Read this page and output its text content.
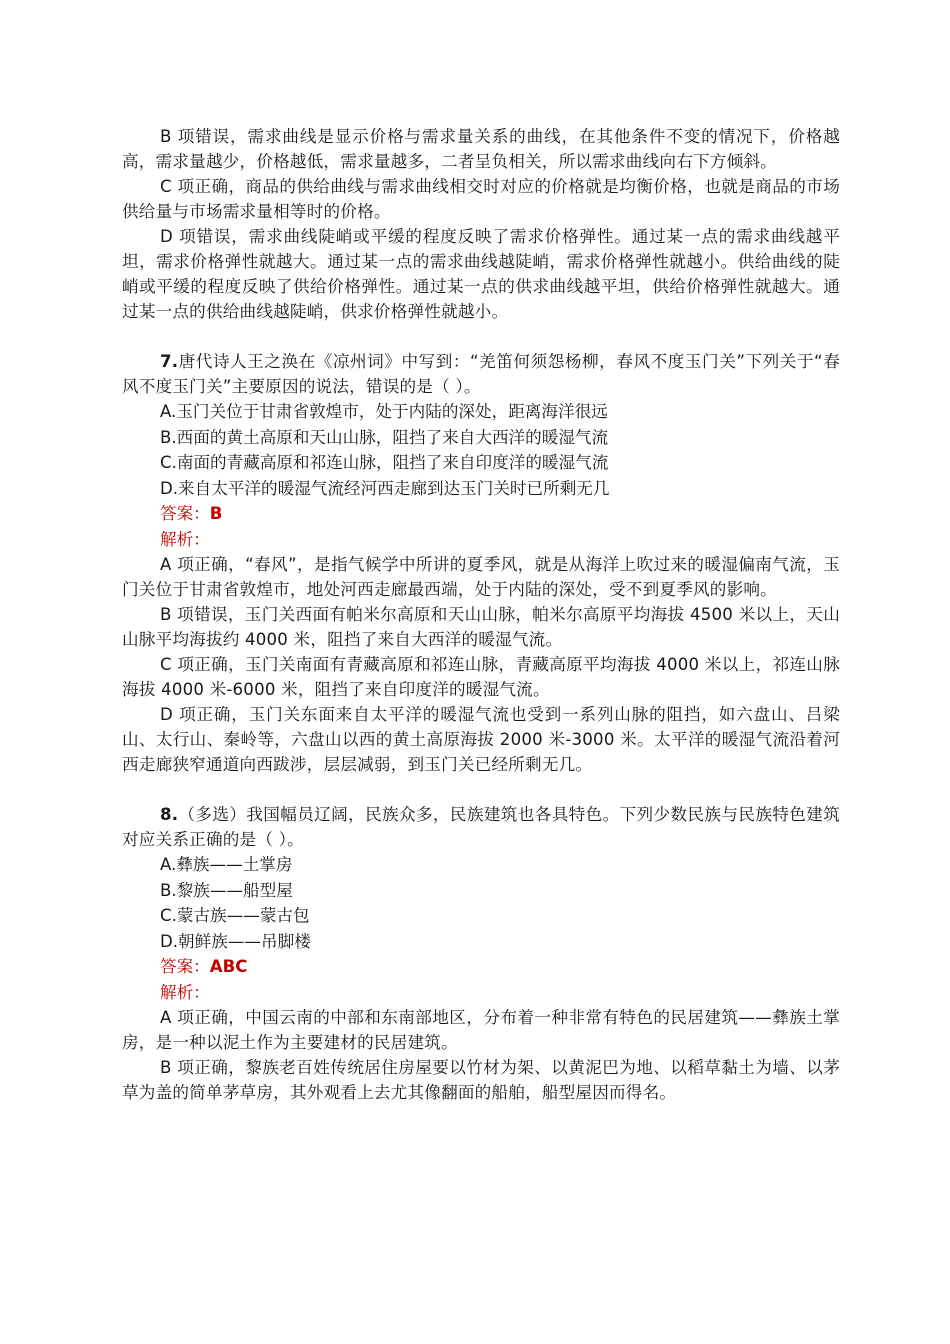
B 项错误，需求曲线是显示价格与需求量关系的曲线，在其他条件不变的情况下，价格越高，需求量越少，价格越低，需求量越多，二者呈负相关，所以需求曲线向右下方倾斜。

C 项正确，商品的供给曲线与需求曲线相交时对应的价格就是均衡价格，也就是商品的市场供给量与市场需求量相等时的价格。

D 项错误，需求曲线陡峭或平缓的程度反映了需求价格弹性。通过某一点的需求曲线越平坦，需求价格弹性就越大。通过某一点的需求曲线越陡峭，需求价格弹性就越小。供给曲线的陡峭或平缓的程度反映了供给价格弹性。通过某一点的供求曲线越平坦，供给价格弹性就越大。通过某一点的供给曲线越陡峭，供求价格弹性就越小。

7.唐代诗人王之涣在《凉州词》中写到：“羌笛何须怨杨柳，春风不度玉门关”下列关于“春风不度玉门关”主要原因的说法，错误的是（ ）。

A.玉门关位于甘肃省敦煌市，处于内陆的深处，距离海洋很远

B.西面的黄土高原和天山山脉，阻挡了来自大西洋的暖湿气流

C.南面的青藏高原和祁连山脉，阻挡了来自印度洋的暖湿气流

D.来自太平洋的暖湿气流经河西走廊到达玉门关时已所剩无几

答案：B

解析：

A 项正确，“春风”，是指气候学中所讲的夏季风，就是从海洋上吹过来的暖湿偏南气流，玉门关位于甘肃省敦煌市，地处河西走廊最西端，处于内陆的深处，受不到夏季风的影响。

B 项错误，玉门关西面有帕米尔高原和天山山脉，帕米尔高原平均海拔 4500 米以上，天山山脉平均海拔约 4000 米，阻挡了来自大西洋的暖湿气流。

C 项正确，玉门关南面有青藏高原和祁连山脉，青藏高原平均海拔 4000 米以上，祁连山脉海拔 4000 米-6000 米，阻挡了来自印度洋的暖湿气流。

D 项正确，玉门关东面来自太平洋的暖湿气流也受到一系列山脉的阻挡，如六盘山、吕梁山、太行山、秦岭等，六盘山以西的黄土高原海拔 2000 米-3000 米。太平洋的暖湿气流沿着河西走廊狭窄通道向西跋涉，层层减弱，到玉门关已经所剩无几。

8.（多选）我国幅员辽阔，民族众多，民族建筑也各具特色。下列少数民族与民族特色建筑对应关系正确的是（ ）。

A.彝族——土掌房

B.黎族——船型屋

C.蒙古族——蒙古包

D.朝鲜族——吊脚楼

答案：ABC

解析：

A 项正确，中国云南的中部和东南部地区，分布着一种非常有特色的民居建筑——彝族土掌房，是一种以泥土作为主要建材的民居建筑。

B 项正确，黎族老百姓传统居住房屋要以竹材为架、以黄泥巴为地、以稻草黏土为墙、以茅草为盖的简单茅草房，其外观看上去尤其像翻面的船舶，船型屋因而得名。
